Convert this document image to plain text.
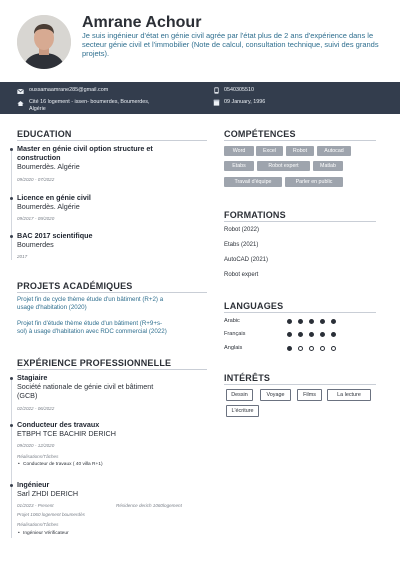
Amrane Achour
Je suis ingénieur d'état en génie civil agrée par l'état plus de 2 ans d'expérience dans le secteur génie civil et l'immobilier (Note de calcul, consultation technique, suivi des grands projets).
oussamaamrane285@gmail.com	0540305510
Cité 16 logement - issen- boumerdes, Boumerdes,
Algérie
09 January, 1996
EDUCATION
Master en génie civil option structure et
construction
Boumerdès. Algérie
09/2020 - 07/2022
Licence en génie civil
Boumerdès. Algérie
09/2017 - 09/2020
BAC 2017 scientifique
Boumerdes
2017
PROJETS ACADÉMIQUES
Projet fin de cycle thème étude d'un bâtiment (R+2) a
usage d'habitation (2020)
Projet fin d'étude thème étude d'un bâtiment (R+9+s-
sol) à usage d'habitation avec RDC commercial (2022)
EXPÉRIENCE PROFESSIONNELLE
Stagiaire
Société nationale de génie civil et bâtiment
(GCB)
02/2022 - 06/2022
Conducteur des travaux
ETBPH TCE BACHIR DERICH
09/2020 - 12/2020
Réalisations/Tâches
• Conducteur de travaux ( 40 villa R+1)
Ingénieur
Sarl ZHDI DERICH
01/2023 - Present	Résidence derich 1060logement
Projet 1060 logement boumerdès
Réalisations/Tâches
• Ingénieur Vérificateur
COMPÉTENCES
Word	Excel	Robot	Autocad
Etabs	Robot expert	Matlab
Travail d'équipe	Parler en public
FORMATIONS
Robot (2022)
Etabs (2021)
AutoCAD (2021)
Robot expert
LANGUAGES
Arabic
Français
Anglais
INTÉRÊTS
Dessin	Voyage	Films	La lecture
L'écriture
